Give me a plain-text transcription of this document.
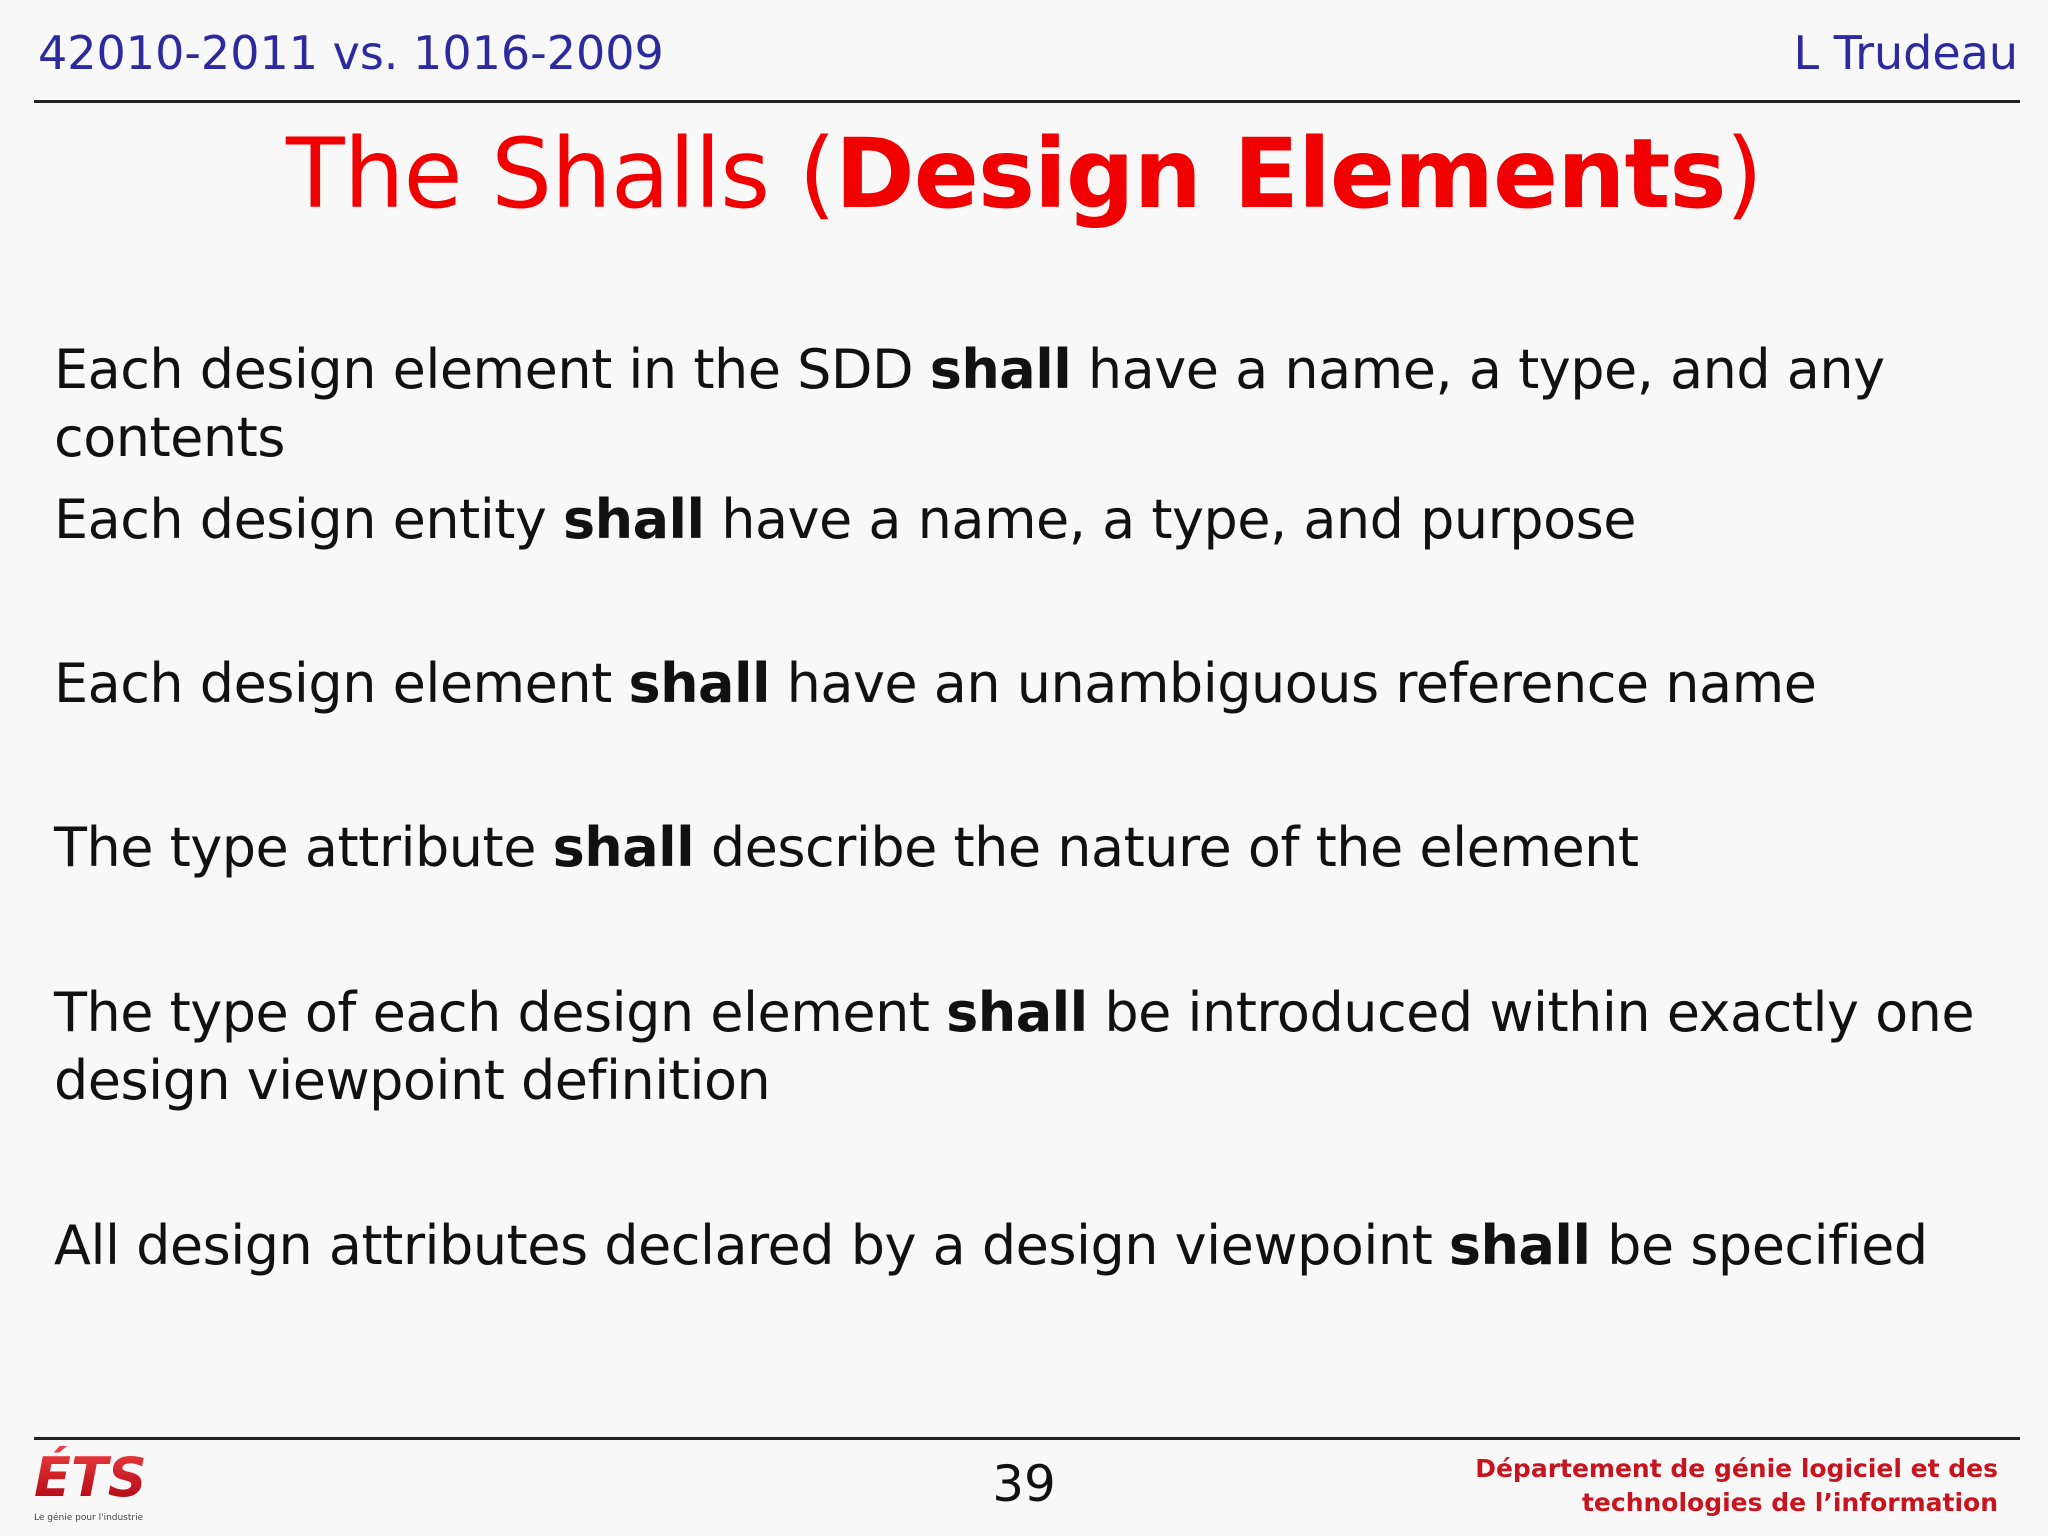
42010-2011 vs. 1016-2009	L Trudeau
The Shalls (Design Elements)
Each design element in the SDD shall have a name, a type, and any contents
Each design entity shall have a name, a type, and purpose
Each design element shall have an unambiguous reference name
The type attribute shall describe the nature of the element
The type of each design element shall be introduced within exactly one design viewpoint definition
All design attributes declared by a design viewpoint shall be specified
ÉTS
Le génie pour l'industrie
39	Département de génie logiciel et des
technologies de l’information
